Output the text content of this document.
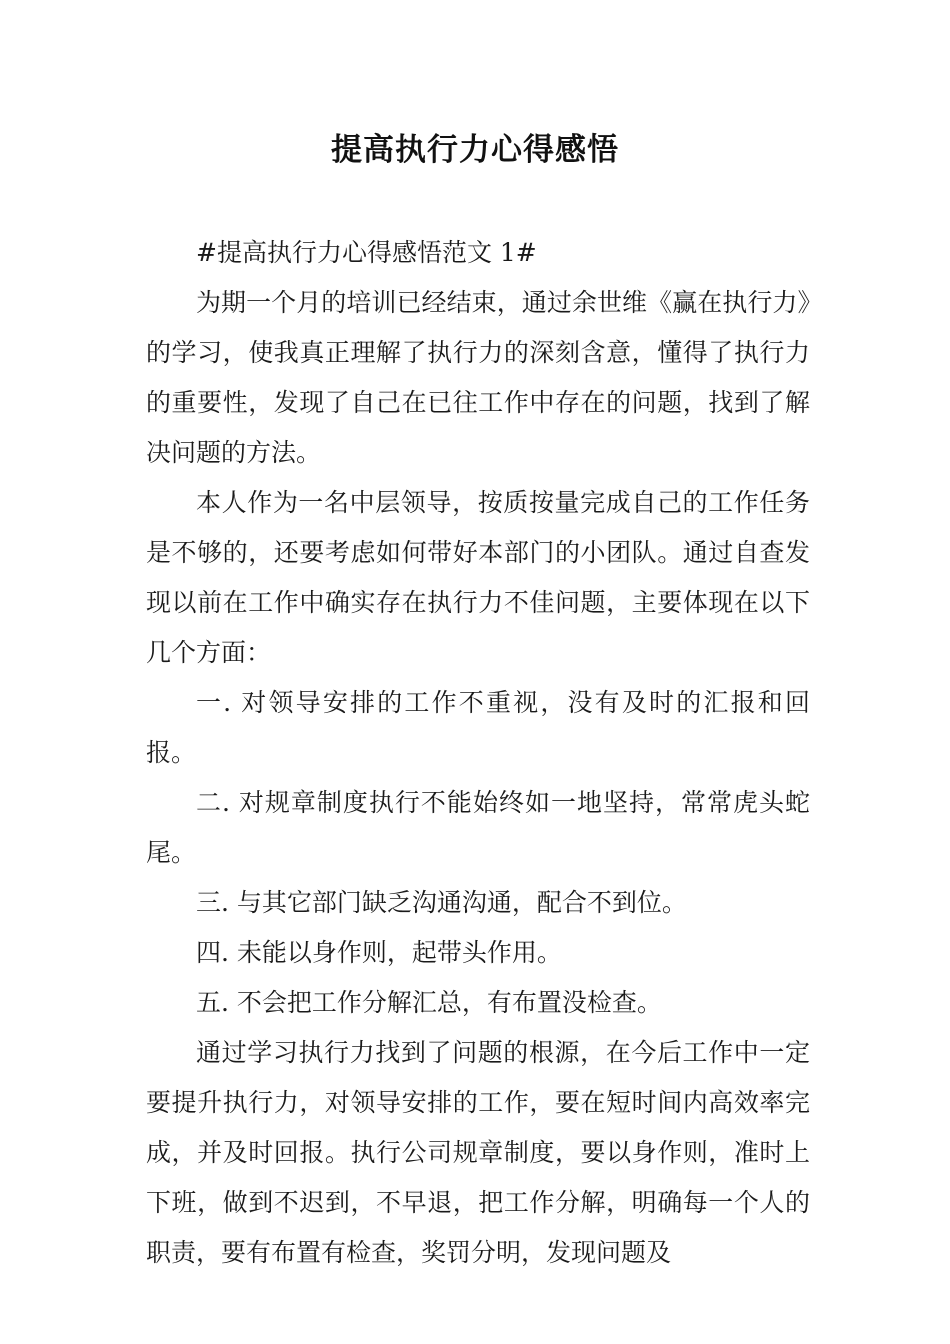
提高执行力心得感悟

#提高执行力心得感悟范文 1#

为期一个月的培训已经结束，通过余世维《赢在执行力》的学习，使我真正理解了执行力的深刻含意，懂得了执行力的重要性，发现了自己在已往工作中存在的问题，找到了解决问题的方法。

本人作为一名中层领导，按质按量完成自己的工作任务是不够的，还要考虑如何带好本部门的小团队。通过自查发现以前在工作中确实存在执行力不佳问题，主要体现在以下几个方面：

一. 对领导安排的工作不重视，没有及时的汇报和回报。

二. 对规章制度执行不能始终如一地坚持，常常虎头蛇尾。

三. 与其它部门缺乏沟通沟通，配合不到位。

四. 未能以身作则，起带头作用。

五. 不会把工作分解汇总，有布置没检查。

通过学习执行力找到了问题的根源，在今后工作中一定要提升执行力，对领导安排的工作，要在短时间内高效率完成，并及时回报。执行公司规章制度，要以身作则，准时上下班，做到不迟到，不早退，把工作分解，明确每一个人的职责，要有布置有检查，奖罚分明，发现问题及
